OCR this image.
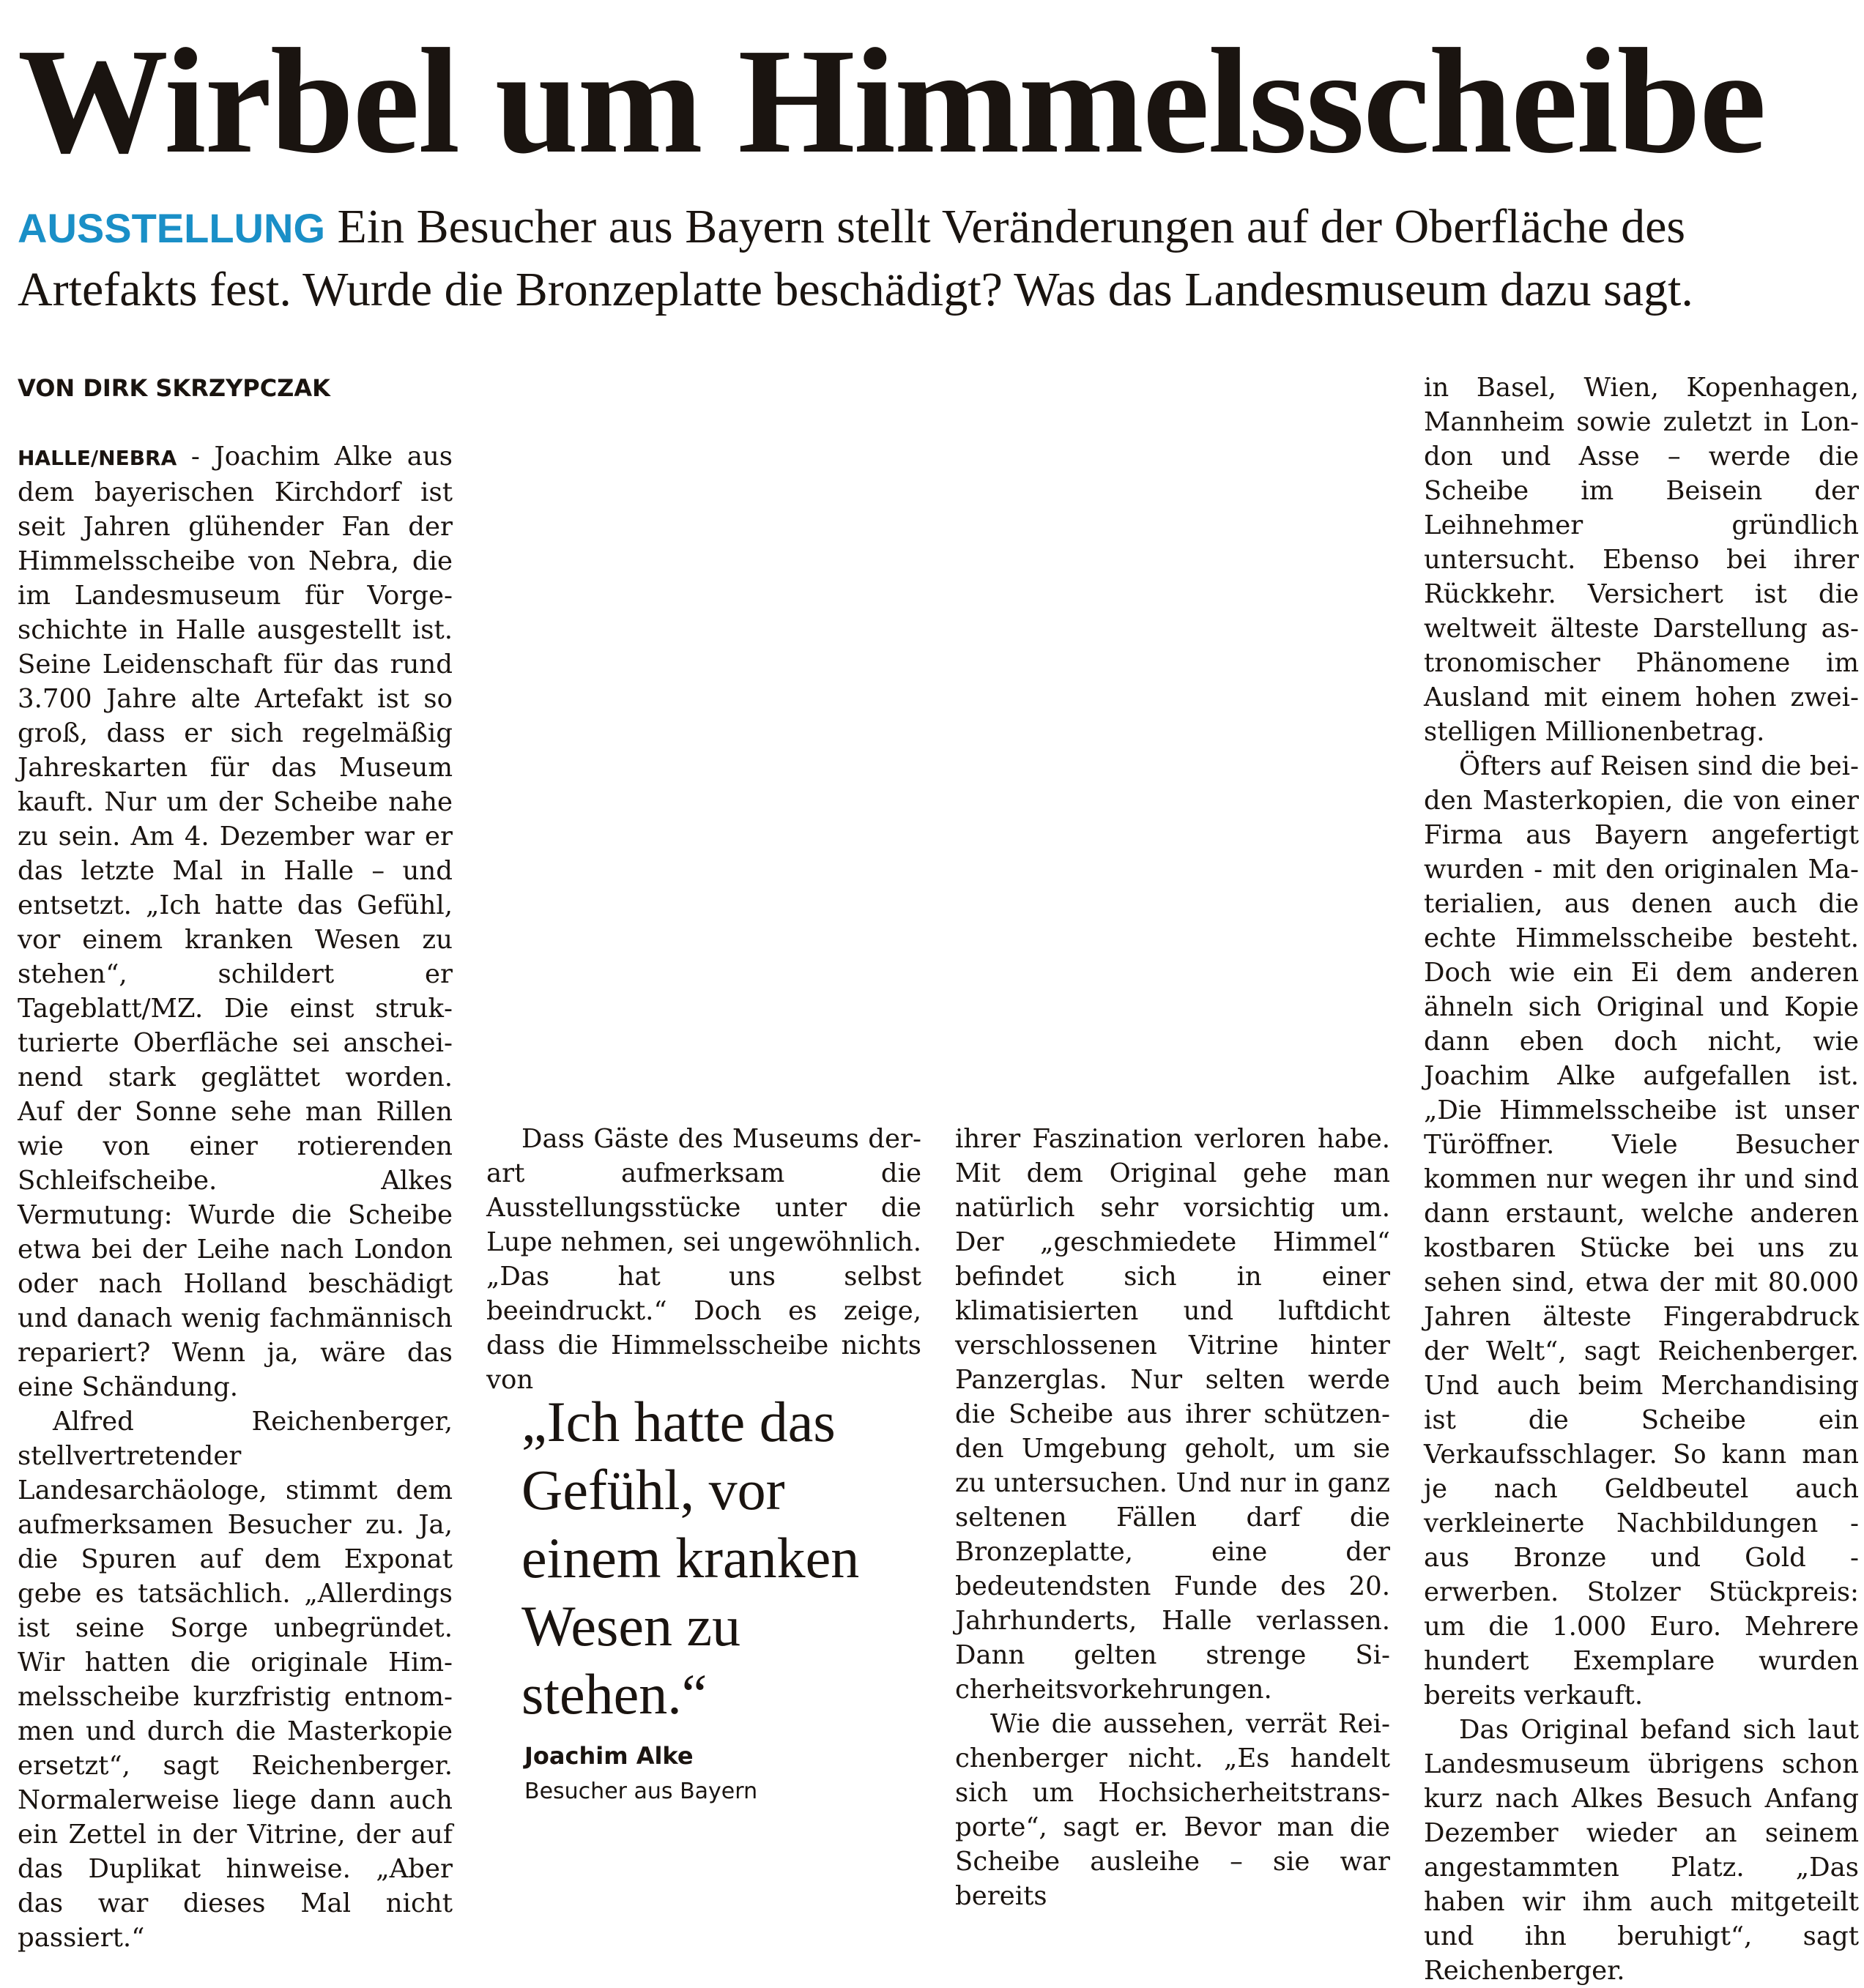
Wirbel um Himmelsscheibe

AUSSTELLUNG Ein Besucher aus Bayern stellt Veränderungen auf der Oberfläche des Artefakts fest. Wurde die Bronzeplatte beschädigt? Was das Landesmuseum dazu sagt.

VON DIRK SKRZYPCZAK

HALLE/NEBRA - Joachim Alke aus dem bayerischen Kirchdorf ist seit Jahren glühender Fan der Himmelsscheibe von Nebra, die im Landesmuseum für Vorgeschichte in Halle ausgestellt ist. Seine Leidenschaft für das rund 3.700 Jahre alte Artefakt ist so groß, dass er sich regelmäßig Jahreskarten für das Museum kauft. Nur um der Scheibe nahe zu sein. Am 4. Dezember war er das letzte Mal in Halle – und entsetzt. „Ich hatte das Gefühl, vor einem kranken Wesen zu stehen“, schildert er Tageblatt/MZ. Die einst strukturierte Oberfläche sei anscheinend stark geglättet worden. Auf der Sonne sehe man Rillen wie von einer rotierenden Schleifscheibe. Alkes Vermutung: Wurde die Scheibe etwa bei der Leihe nach London oder nach Holland beschädigt und danach wenig fachmännisch repariert? Wenn ja, wäre das eine Schändung.

Alfred Reichenberger, stellvertretender Landesarchäologe, stimmt dem aufmerksamen Besucher zu. Ja, die Spuren auf dem Exponat gebe es tatsächlich. „Allerdings ist seine Sorge unbegründet. Wir hatten die originale Himmelsscheibe kurzfristig entnommen und durch die Masterkopie ersetzt“, sagt Reichenberger. Normalerweise liege dann auch ein Zettel in der Vitrine, der auf das Duplikat hinweise. „Aber das war dieses Mal nicht passiert.“

Dass Gäste des Museums derart aufmerksam die Ausstellungsstücke unter die Lupe nehmen, sei ungewöhnlich. „Das hat uns selbst beeindruckt.“ Doch es zeige, dass die Himmelsscheibe nichts von

„Ich hatte das Gefühl, vor einem kranken Wesen zu stehen.“

Joachim Alke

Besucher aus Bayern

ihrer Faszination verloren habe. Mit dem Original gehe man natürlich sehr vorsichtig um. Der „geschmiedete Himmel“ befindet sich in einer klimatisierten und luftdicht verschlossenen Vitrine hinter Panzerglas. Nur selten werde die Scheibe aus ihrer schützenden Umgebung geholt, um sie zu untersuchen. Und nur in ganz seltenen Fällen darf die Bronzeplatte, eine der bedeutendsten Funde des 20. Jahrhunderts, Halle verlassen. Dann gelten strenge Sicherheitsvorkehrungen.

Wie die aussehen, verrät Reichenberger nicht. „Es handelt sich um Hochsicherheitstransporte“, sagt er. Bevor man die Scheibe ausleihe – sie war bereits

in Basel, Wien, Kopenhagen, Mannheim sowie zuletzt in London und Asse – werde die Scheibe im Beisein der Leihnehmer gründlich untersucht. Ebenso bei ihrer Rückkehr. Versichert ist die weltweit älteste Darstellung astronomischer Phänomene im Ausland mit einem hohen zweistelligen Millionenbetrag.

Öfters auf Reisen sind die beiden Masterkopien, die von einer Firma aus Bayern angefertigt wurden - mit den originalen Materialien, aus denen auch die echte Himmelsscheibe besteht. Doch wie ein Ei dem anderen ähneln sich Original und Kopie dann eben doch nicht, wie Joachim Alke aufgefallen ist. „Die Himmelsscheibe ist unser Türöffner. Viele Besucher kommen nur wegen ihr und sind dann erstaunt, welche anderen kostbaren Stücke bei uns zu sehen sind, etwa der mit 80.000 Jahren älteste Fingerabdruck der Welt“, sagt Reichenberger. Und auch beim Merchandising ist die Scheibe ein Verkaufsschlager. So kann man je nach Geldbeutel auch verkleinerte Nachbildungen - aus Bronze und Gold - erwerben. Stolzer Stückpreis: um die 1.000 Euro. Mehrere hundert Exemplare wurden bereits verkauft.

Das Original befand sich laut Landesmuseum übrigens schon kurz nach Alkes Besuch Anfang Dezember wieder an seinem angestammten Platz. „Das haben wir ihm auch mitgeteilt und ihn beruhigt“, sagt Reichenberger.
